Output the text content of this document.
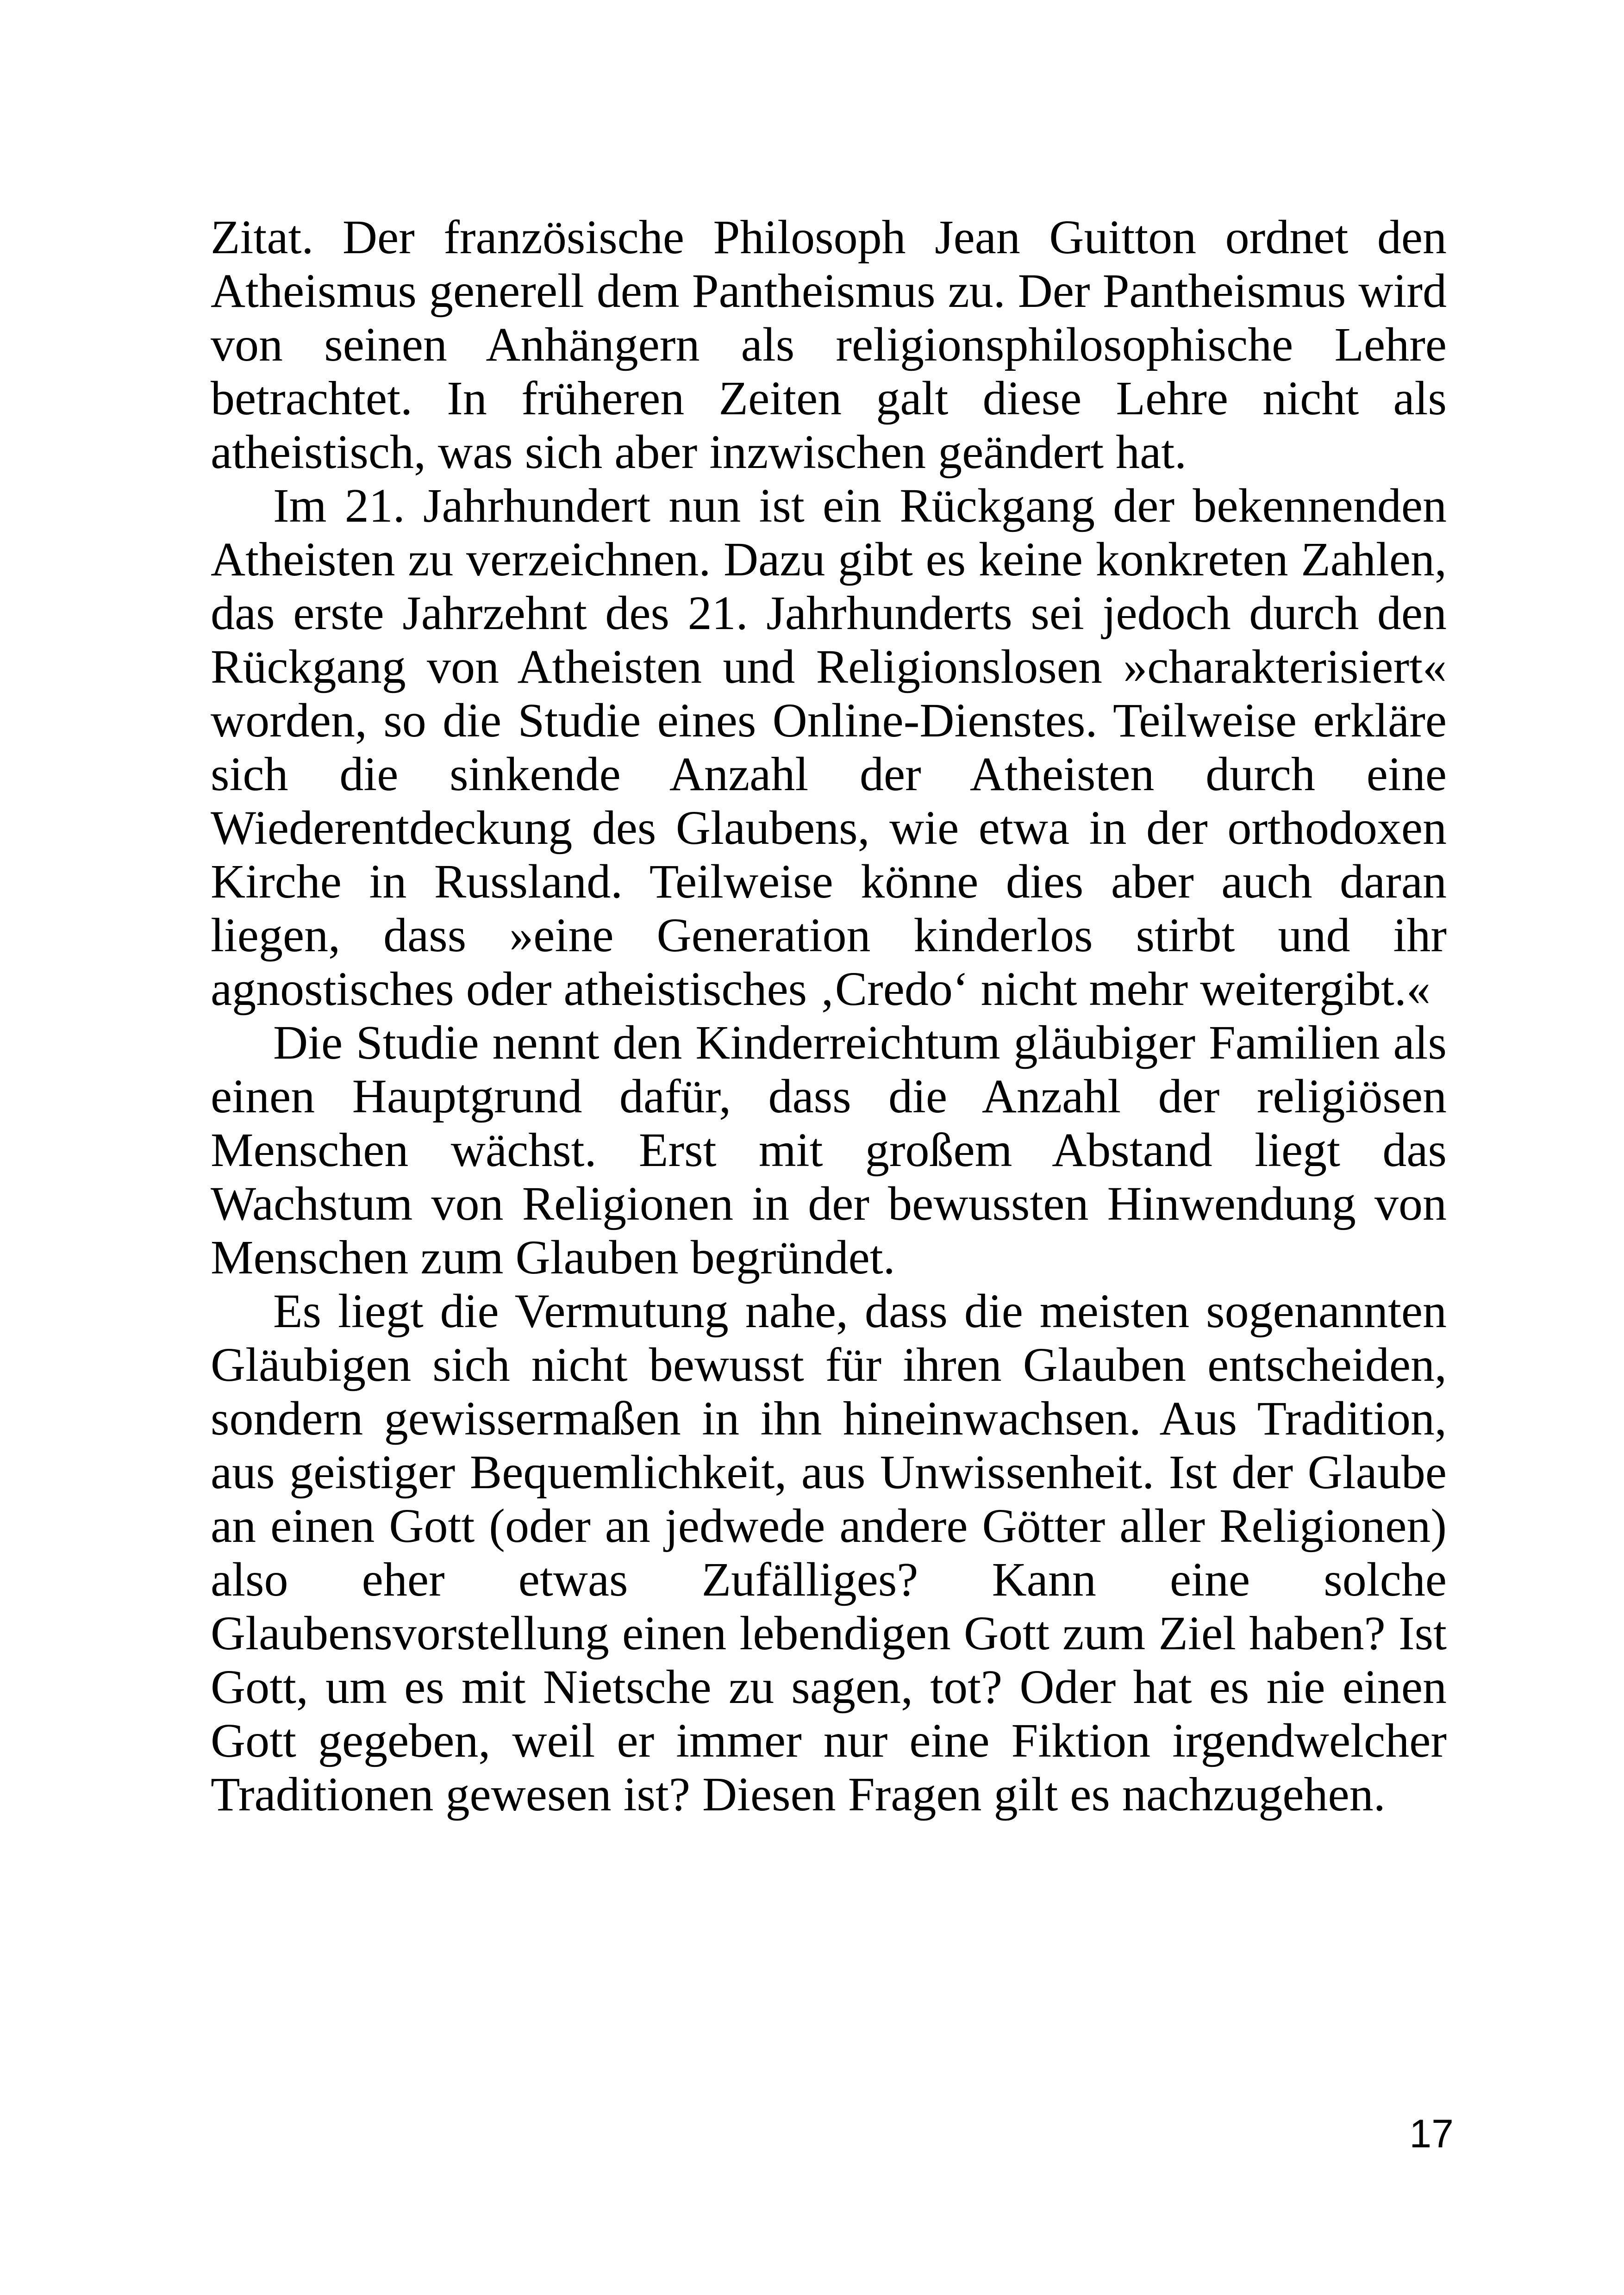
Zitat. Der französische Philosoph Jean Guitton ordnet den Atheismus generell dem Pantheismus zu. Der Pantheismus wird von seinen Anhängern als religionsphilosophische Lehre betrachtet. In früheren Zeiten galt diese Lehre nicht als atheistisch, was sich aber inzwischen geändert hat.

Im 21. Jahrhundert nun ist ein Rückgang der bekennenden Atheisten zu verzeichnen. Dazu gibt es keine konkreten Zahlen, das erste Jahrzehnt des 21. Jahrhunderts sei jedoch durch den Rückgang von Atheisten und Religionslosen »charakterisiert« worden, so die Studie eines Online-Dienstes. Teilweise erkläre sich die sinkende Anzahl der Atheisten durch eine Wiederentdeckung des Glaubens, wie etwa in der orthodoxen Kirche in Russland. Teilweise könne dies aber auch daran liegen, dass »eine Generation kinderlos stirbt und ihr agnostisches oder atheistisches ‚Credo‘ nicht mehr weitergibt.«

Die Studie nennt den Kinderreichtum gläubiger Familien als einen Hauptgrund dafür, dass die Anzahl der religiösen Menschen wächst. Erst mit großem Abstand liegt das Wachstum von Religionen in der bewussten Hinwendung von Menschen zum Glauben begründet.

Es liegt die Vermutung nahe, dass die meisten sogenannten Gläubigen sich nicht bewusst für ihren Glauben entscheiden, sondern gewissermaßen in ihn hineinwachsen. Aus Tradition, aus geistiger Bequemlichkeit, aus Unwissenheit. Ist der Glaube an einen Gott (oder an jedwede andere Götter aller Religionen) also eher etwas Zufälliges? Kann eine solche Glaubensvorstellung einen lebendigen Gott zum Ziel haben? Ist Gott, um es mit Nietsche zu sagen, tot? Oder hat es nie einen Gott gegeben, weil er immer nur eine Fiktion irgendwelcher Traditionen gewesen ist? Diesen Fragen gilt es nachzugehen.

17
